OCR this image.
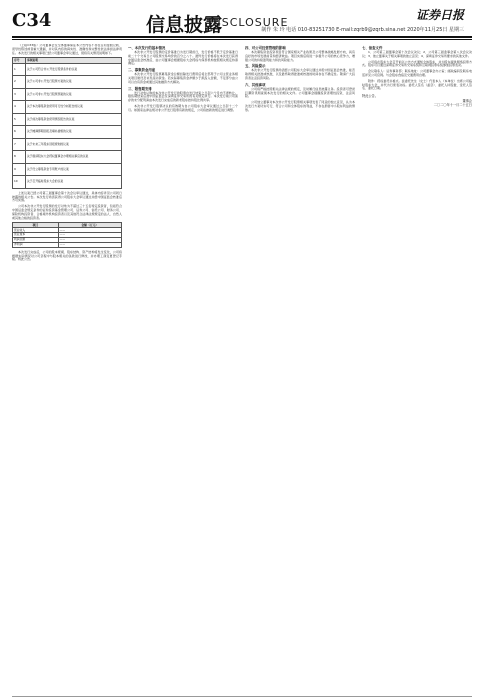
C34	信息披露
DISCLOSURE
证券日报
制作 朱 玲 电话 010-83251730 E-mail:zqrb9@zqrb.sina.net 2020年11月25日 星期三

（上接C33版）公司董事会及全体董事保证本公告内容不存在任何虚假记载、误导性陈述或者重大遗漏，并对其内容的真实性、准确性和完整性依法承担法律责任。本次发行的相关事项已经公司董事会审议通过，现将有关情况说明如下。

序号	事项说明
1	关于公司符合非公开发行股票条件的议案
2	关于公司非公开发行股票方案的议案
3	关于公司非公开发行股票预案的议案
4	关于本次募集资金使用可行性分析报告的议案
5	关于前次募集资金使用情况报告的议案
6	关于摊薄即期回报及填补措施的议案
7	关于未来三年股东回报规划的议案
8	关于提请股东大会授权董事会办理相关事宜的议案
9	关于设立募集资金专用账户的议案
10	关于召开临时股东大会的议案

上述议案已经公司第三届董事会第十次会议审议通过，具体内容详见公司同日披露的相关公告。本次发行尚需获得公司股东大会审议通过并经中国证监会核准后方可实施。

公司本次非公开发行股票的发行对象为不超过三十五名特定投资者，包括符合中国证监会规定条件的证券投资基金管理公司、证券公司、信托公司、财务公司、保险机构投资者、合格境外机构投资者以及其他符合法律法规规定的法人、自然人或其他合格的投资者。

项目	金额（万元）
营业收入	——
营业成本	——
利润总额	——
净利润	——

本次发行完成后，公司的股本规模、股东结构、资产结构将发生变化，公司将根据实际情况对公司章程中与股本相关的条款进行修改，并办理工商变更登记手续。特此公告。

一、本次发行的基本情况

本次非公开发行股票的定价基准日为发行期首日，发行价格不低于定价基准日前二十个交易日公司股票交易均价的百分之八十。最终发行价格将在本次发行获得中国证监会核准后，由公司董事会根据股东大会授权与保荐机构按照相关规定协商确定。

二、募集资金用途

本次非公开发行股票募集资金总额扣除发行费用后将全部用于公司主营业务相关项目建设及补充流动资金。若实际募集资金净额少于拟投入金额，不足部分由公司以自有资金或通过其他融资方式解决。

三、限售期安排

发行对象认购的本次非公开发行的股票自发行结束之日起六个月内不得转让。限售期结束后按中国证监会及深圳证券交易所的有关规定执行。本次发行前公司滚存的未分配利润由本次发行完成后的新老股东按持股比例共享。

本次非公开发行股票决议的有效期为自公司股东大会审议通过之日起十二个月。如国家法律法规对非公开发行股票有新的规定，公司将按新的规定进行调整。

四、对公司经营管理的影响

本次募集资金投资项目符合国家相关产业政策及公司整体战略发展方向，具有良好的市场发展前景和经济效益。项目实施后将进一步提升公司的核心竞争力，增强公司的持续盈利能力和抗风险能力。

五、风险提示

本次非公开发行股票尚需经公司股东大会审议通过并报中国证监会核准，能否取得相关批准或核准，以及最终取得批准或核准的时间存在不确定性。敬请广大投资者注意投资风险。

六、其他事项

公司将严格按照相关法律法规的规定，及时履行信息披露义务。投资者可登录巨潮资讯网查阅本次发行的相关文件。公司董事会提醒投资者理性投资，注意风险。

公司独立董事对本次非公开发行股票相关事项发表了同意的独立意见，认为本次发行方案切实可行，符合公司和全体股东的利益，不存在损害中小股东利益的情形。

七、备查文件

1、公司第三届董事会第十次会议决议；2、公司第三届监事会第八次会议决议；3、独立董事关于相关事项的独立意见；4、深圳证券交易所要求的其他文件。

公司将在股东大会召开前以公告方式通知全体股东，并为股东提供网络投票方式。股东可以通过深圳证券交易所交易系统和互联网投票系统参加投票表决。

会议联系人：证券事务部；联系地址：公司董事会办公室；邮政编码及联系电话详见公司官网。与会股东食宿及交通费用自理。

附件：授权委托书格式。兹委托先生（女士）代表本人（本单位）出席公司临时股东大会，并代为行使表决权。委托人签名（盖章）、委托人持股数、受托人签名、委托日期。

特此公告。
董事会
二〇二〇年十一月二十五日
